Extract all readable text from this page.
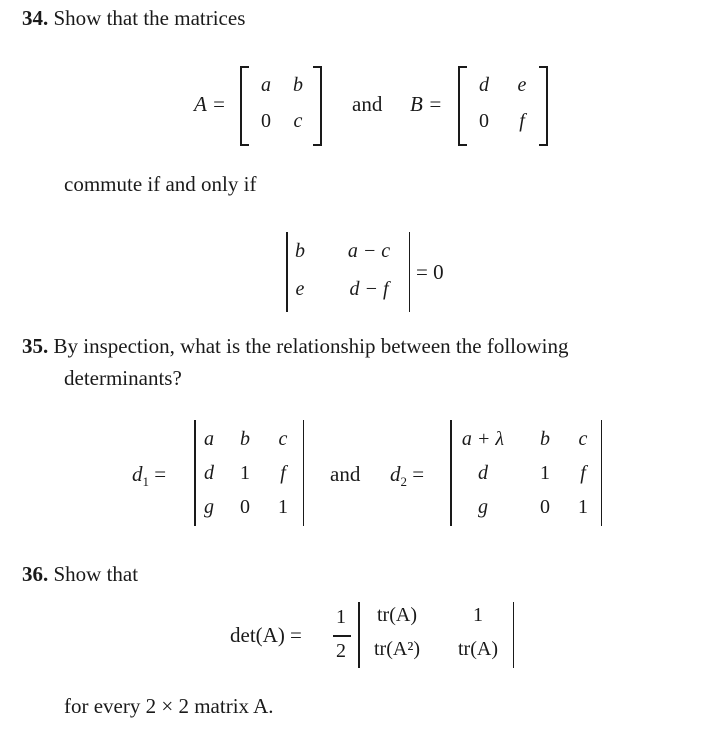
34. Show that the matrices
A =
a	b
0	c
and B =
d	e
0	f
commute if and only if
b	a − c
e	d − f
= 0
35. By inspection, what is the relationship between the following
determinants?
$d_1$ =
a	b	c
d	1	f
g	0	1
and $d_2$ =
a + λ	b	c
d	1	f
g	0	1
36. Show that
det(A) =
1
2
tr(A)	1
tr(A²)	tr(A)
for every 2 × 2 matrix A.
